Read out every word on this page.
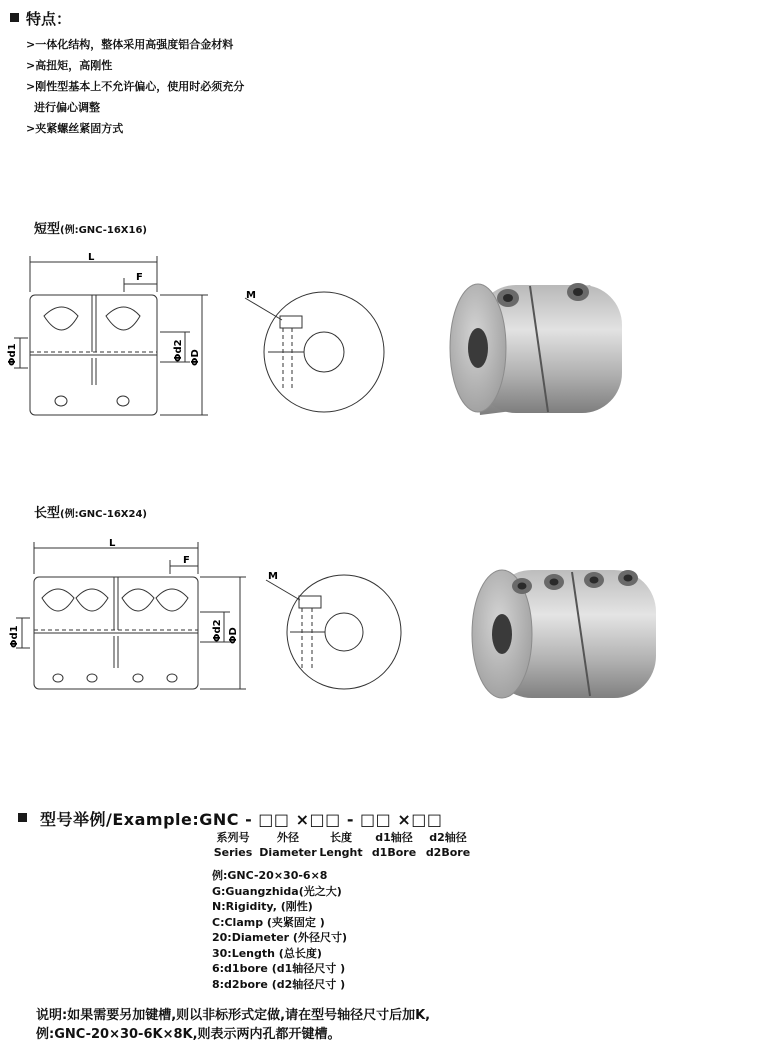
特点：
>一体化结构，整体采用高强度铝合金材料
>高扭矩，高刚性
>刚性型基本上不允许偏心，使用时必须充分
进行偏心调整
>夹紧螺丝紧固方式
短型(例:GNC-16X16)
L
F
Φd1	Φd2 ΦD
M
长型(例:GNC-16X24)
L
F
Φd1	Φd2 ΦD
M
型号举例/Example:GNC - □□ ×□□ - □□ ×□□
系列号
Series
外径
Diameter
长度
Lenght
d1轴径
d1Bore
d2轴径
d2Bore
例:GNC-20×30-6×8
G:Guangzhida(光之大)
N:Rigidity, (刚性)
C:Clamp (夹紧固定 )
20:Diameter (外径尺寸)
30:Length (总长度)
6:d1bore (d1轴径尺寸 )
8:d2bore (d2轴径尺寸 )
说明:如果需要另加键槽,则以非标形式定做,请在型号轴径尺寸后加K,
例:GNC-20×30-6K×8K,则表示两内孔都开键槽。
